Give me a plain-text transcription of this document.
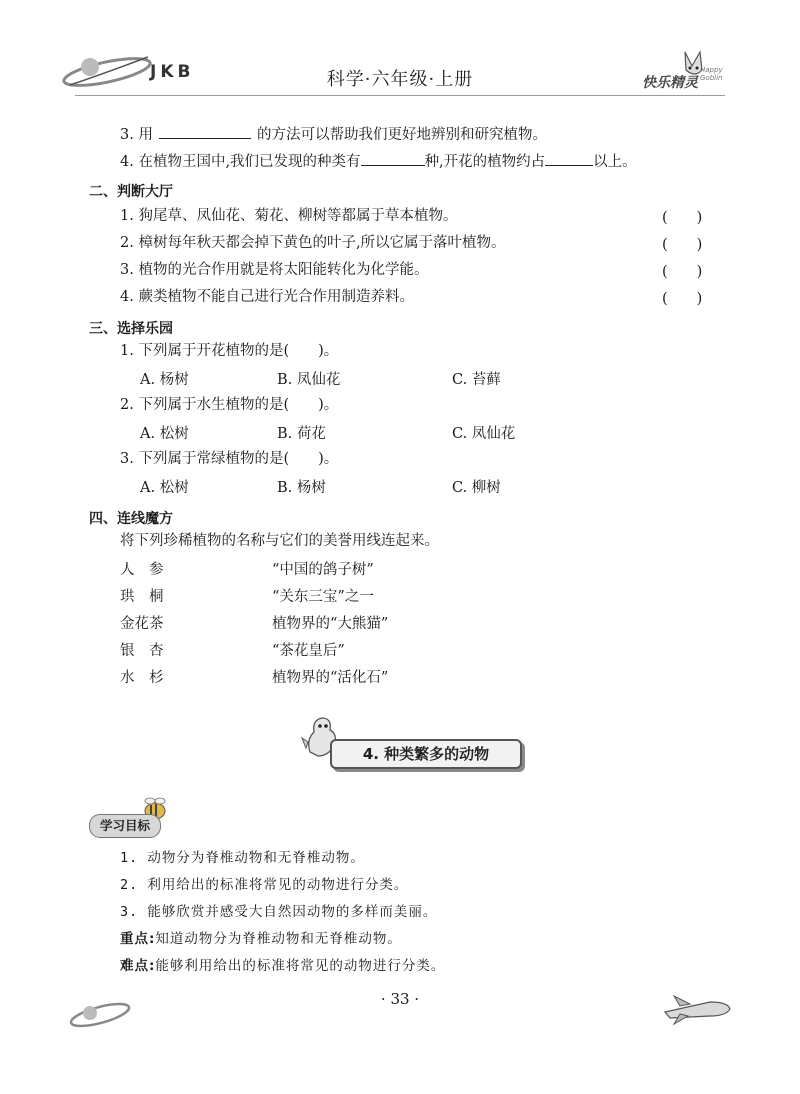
JKB	科学·六年级·上册	快乐精灵
Happy Goblin
3. 用	的方法可以帮助我们更好地辨别和研究植物。
4. 在植物王国中,我们已发现的种类有	种,开花的植物约占	以上。
二、判断大厅
1. 狗尾草、凤仙花、菊花、柳树等都属于草本植物。	(　　)
2. 樟树每年秋天都会掉下黄色的叶子,所以它属于落叶植物。	(　　)
3. 植物的光合作用就是将太阳能转化为化学能。	(　　)
4. 蕨类植物不能自己进行光合作用制造养料。	(　　)
三、选择乐园
1. 下列属于开花植物的是(　　)。
A. 杨树	B. 凤仙花	C. 苔藓
2. 下列属于水生植物的是(　　)。
A. 松树	B. 荷花	C. 凤仙花
3. 下列属于常绿植物的是(　　)。
A. 松树	B. 杨树	C. 柳树
四、连线魔方
将下列珍稀植物的名称与它们的美誉用线连起来。
人　参	“中国的鸽子树”
珙　桐	“关东三宝”之一
金花茶	植物界的“大熊猫”
银　杏	“茶花皇后”
水　杉	植物界的“活化石”
4. 种类繁多的动物
学习目标
1. 动物分为脊椎动物和无脊椎动物。
2. 利用给出的标准将常见的动物进行分类。
3. 能够欣赏并感受大自然因动物的多样而美丽。
重点:知道动物分为脊椎动物和无脊椎动物。
难点:能够利用给出的标准将常见的动物进行分类。
· 33 ·
